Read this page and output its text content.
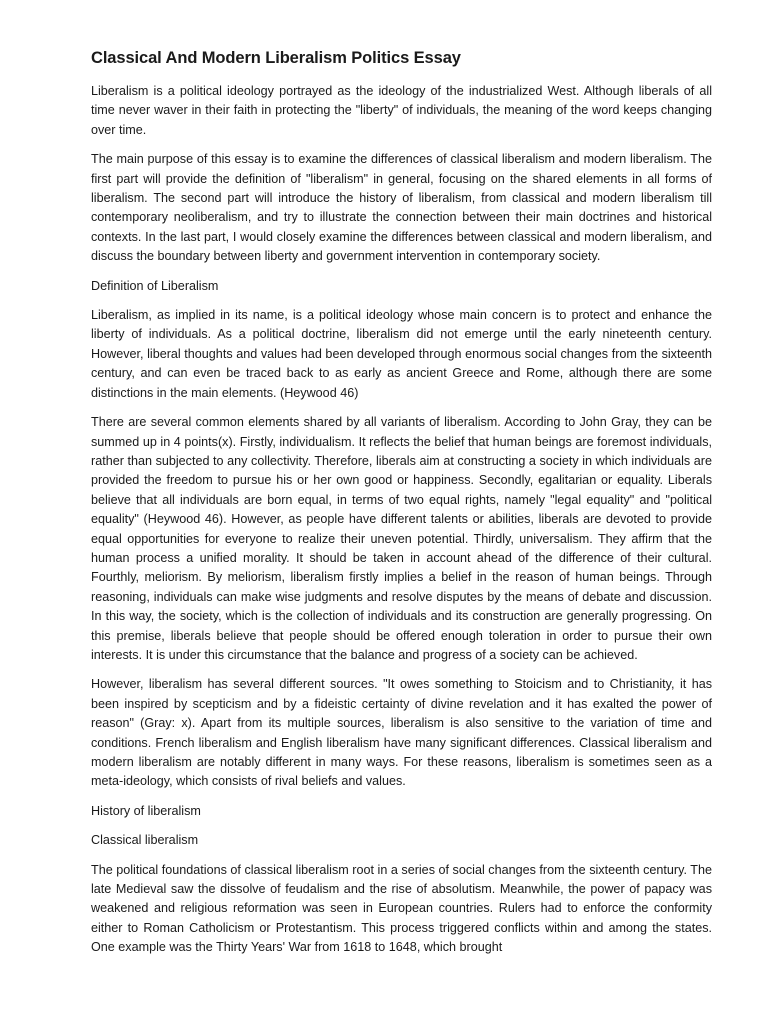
Classical And Modern Liberalism Politics Essay

Liberalism is a political ideology portrayed as the ideology of the industrialized West. Although liberals of all time never waver in their faith in protecting the "liberty" of individuals, the meaning of the word keeps changing over time.

The main purpose of this essay is to examine the differences of classical liberalism and modern liberalism. The first part will provide the definition of "liberalism" in general, focusing on the shared elements in all forms of liberalism. The second part will introduce the history of liberalism, from classical and modern liberalism till contemporary neoliberalism, and try to illustrate the connection between their main doctrines and historical contexts. In the last part, I would closely examine the differences between classical and modern liberalism, and discuss the boundary between liberty and government intervention in contemporary society.

Definition of Liberalism

Liberalism, as implied in its name, is a political ideology whose main concern is to protect and enhance the liberty of individuals. As a political doctrine, liberalism did not emerge until the early nineteenth century. However, liberal thoughts and values had been developed through enormous social changes from the sixteenth century, and can even be traced back to as early as ancient Greece and Rome, although there are some distinctions in the main elements. (Heywood 46)

There are several common elements shared by all variants of liberalism. According to John Gray, they can be summed up in 4 points(x). Firstly, individualism. It reflects the belief that human beings are foremost individuals, rather than subjected to any collectivity. Therefore, liberals aim at constructing a society in which individuals are provided the freedom to pursue his or her own good or happiness. Secondly, egalitarian or equality. Liberals believe that all individuals are born equal, in terms of two equal rights, namely "legal equality" and "political equality" (Heywood 46). However, as people have different talents or abilities, liberals are devoted to provide equal opportunities for everyone to realize their uneven potential. Thirdly, universalism. They affirm that the human process a unified morality. It should be taken in account ahead of the difference of their cultural. Fourthly, meliorism. By meliorism, liberalism firstly implies a belief in the reason of human beings. Through reasoning, individuals can make wise judgments and resolve disputes by the means of debate and discussion. In this way, the society, which is the collection of individuals and its construction are generally progressing. On this premise, liberals believe that people should be offered enough toleration in order to pursue their own interests. It is under this circumstance that the balance and progress of a society can be achieved.

However, liberalism has several different sources. "It owes something to Stoicism and to Christianity, it has been inspired by scepticism and by a fideistic certainty of divine revelation and it has exalted the power of reason" (Gray: x). Apart from its multiple sources, liberalism is also sensitive to the variation of time and conditions. French liberalism and English liberalism have many significant differences. Classical liberalism and modern liberalism are notably different in many ways. For these reasons, liberalism is sometimes seen as a meta-ideology, which consists of rival beliefs and values.

History of liberalism

Classical liberalism

The political foundations of classical liberalism root in a series of social changes from the sixteenth century. The late Medieval saw the dissolve of feudalism and the rise of absolutism. Meanwhile, the power of papacy was weakened and religious reformation was seen in European countries. Rulers had to enforce the conformity either to Roman Catholicism or Protestantism. This process triggered conflicts within and among the states. One example was the Thirty Years' War from 1618 to 1648, which brought
